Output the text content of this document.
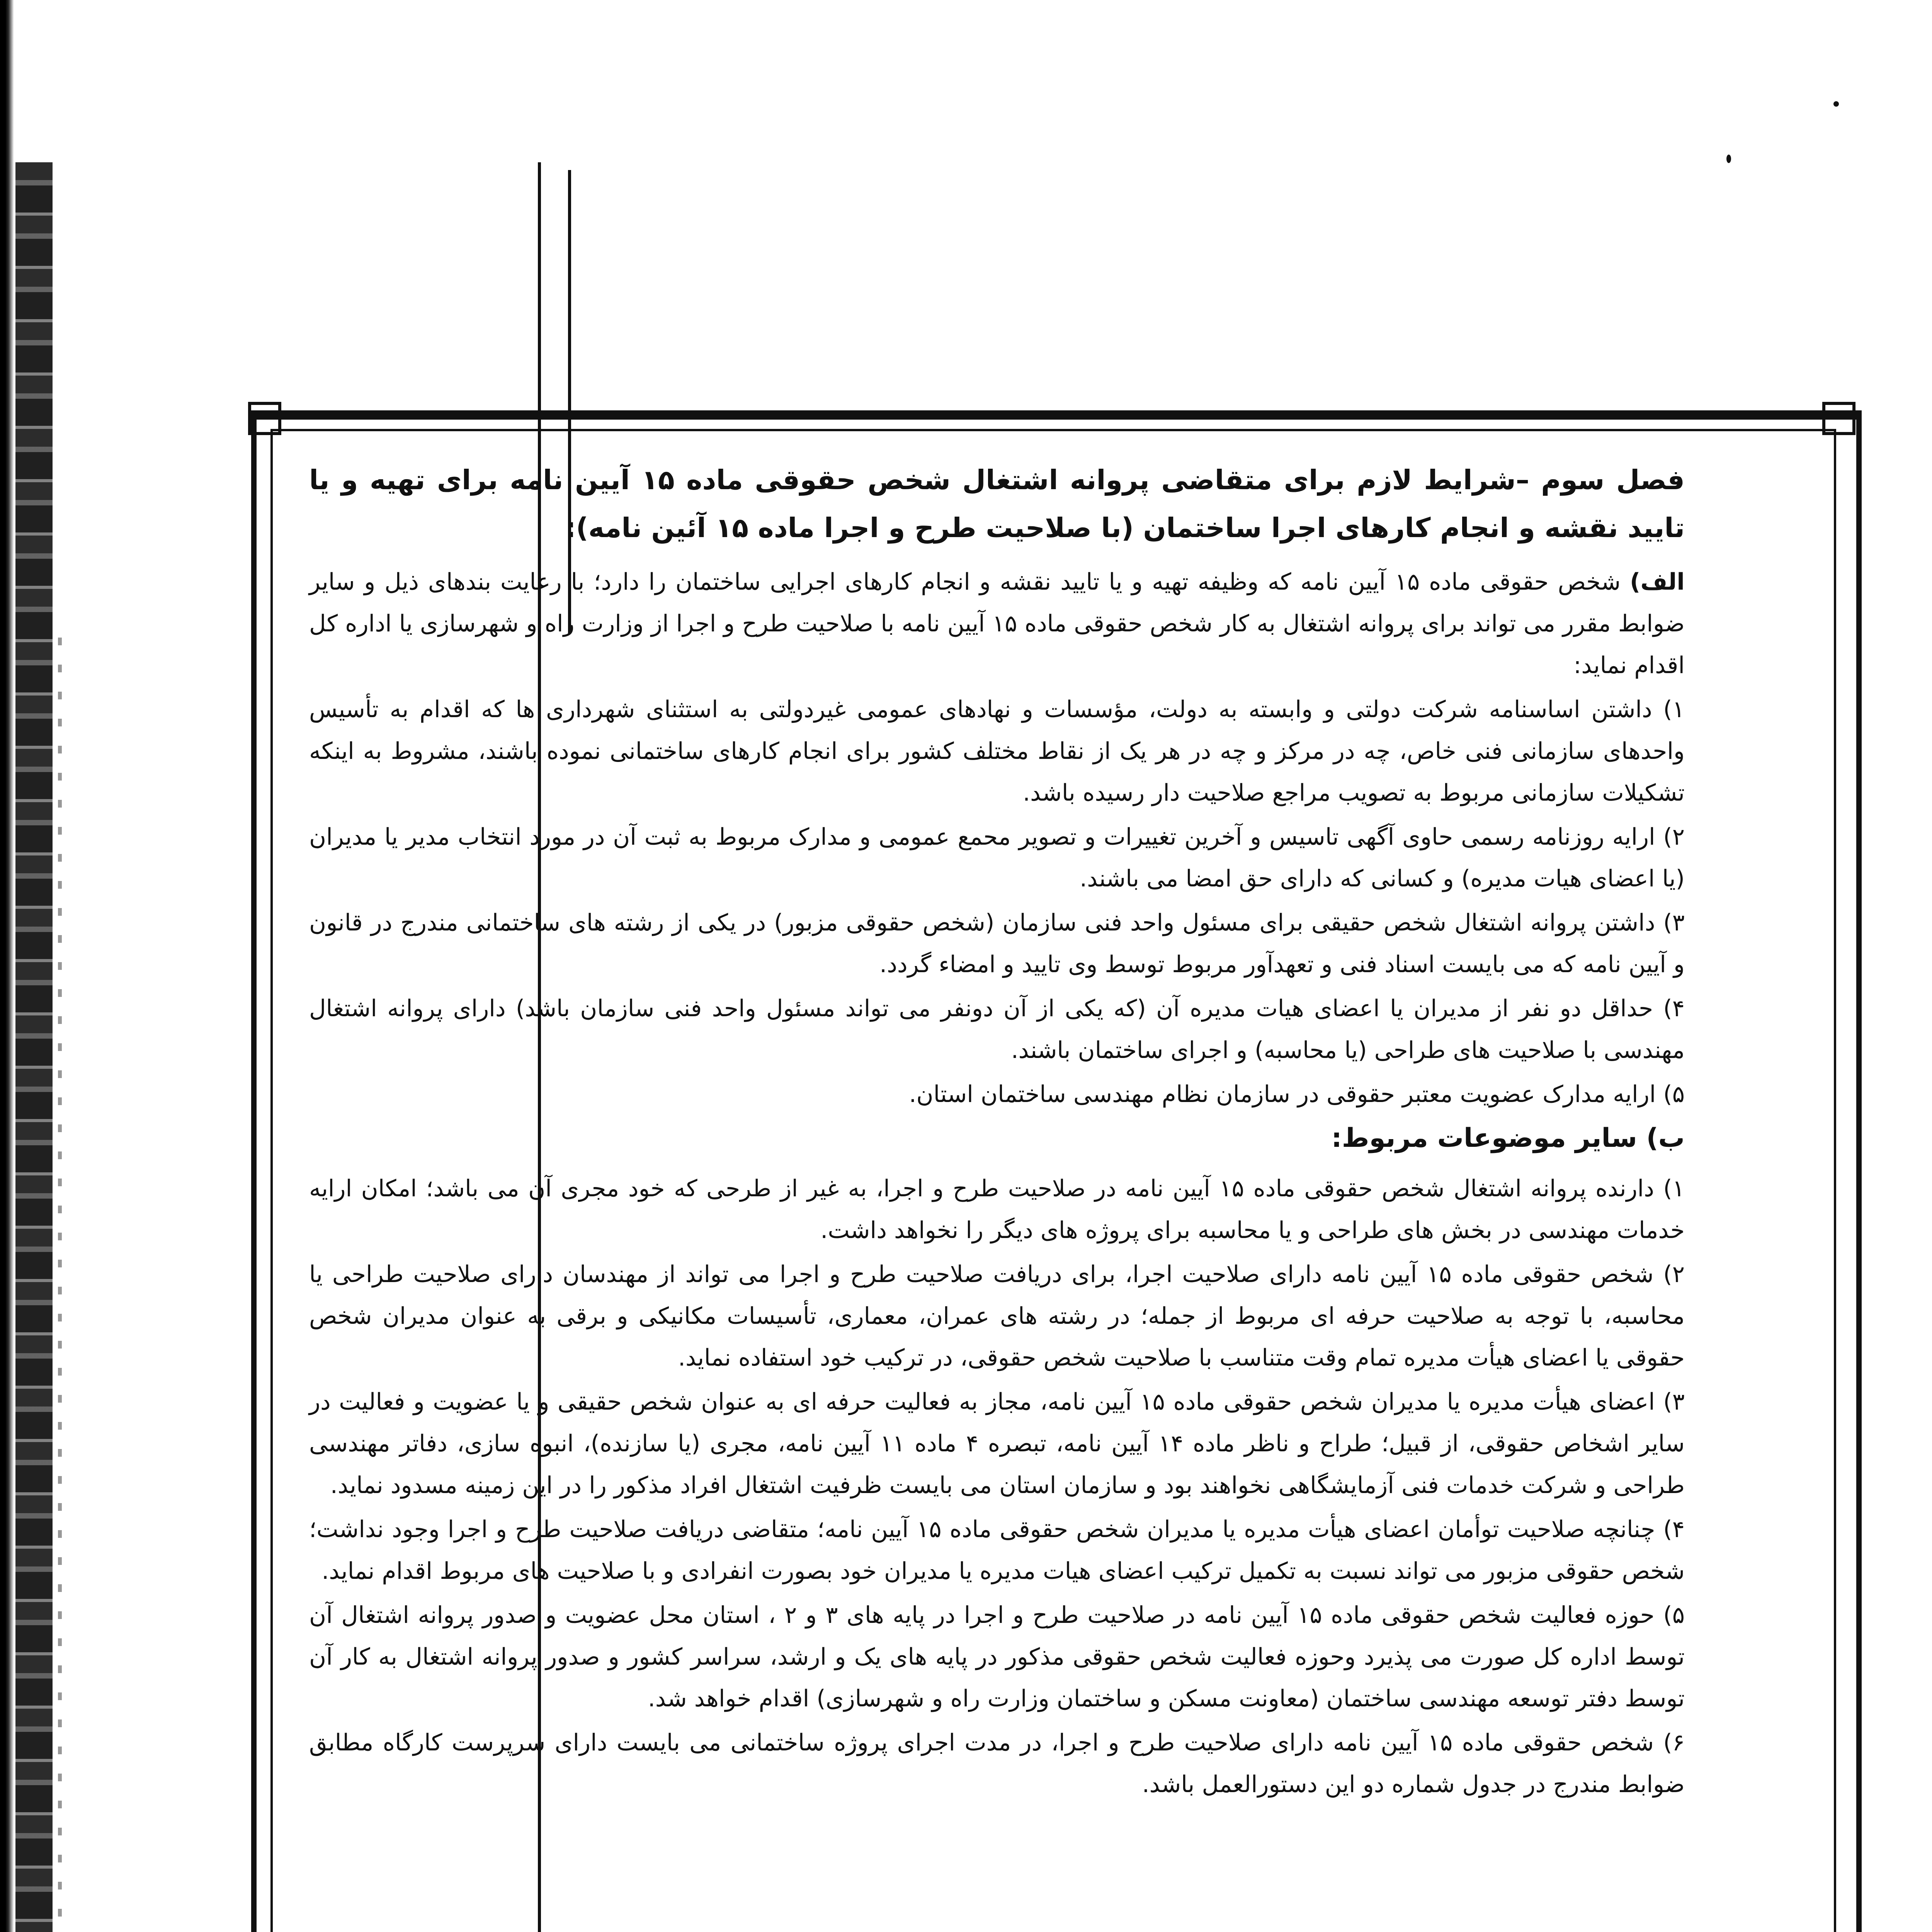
فصل سوم –شرایط لازم برای متقاضی پروانه اشتغال شخص حقوقی ماده ۱۵ آیین نامه برای تهیه و یا تایید نقشه و انجام کارهای اجرا ساختمان (با صلاحیت طرح و اجرا ماده ۱۵ آئین نامه):
الف) شخص حقوقی ماده ۱۵ آیین نامه که وظیفه تهیه و یا تایید نقشه و انجام کارهای اجرایی ساختمان را دارد؛ با رعایت بندهای ذیل و سایر ضوابط مقرر می تواند برای پروانه اشتغال به کار شخص حقوقی ماده ۱۵ آیین نامه با صلاحیت طرح و اجرا از وزارت راه و شهرسازی یا اداره کل اقدام نماید:
۱) داشتن اساسنامه شرکت دولتی و وابسته به دولت، مؤسسات و نهادهای عمومی غیردولتی به استثنای شهرداری ها که اقدام به تأسیس واحدهای سازمانی فنی خاص، چه در مرکز و چه در هر یک از نقاط مختلف کشور برای انجام کارهای ساختمانی نموده باشند، مشروط به اینکه تشکیلات سازمانی مربوط به تصویب مراجع صلاحیت دار رسیده باشد.
۲) ارایه روزنامه رسمی حاوی آگهی تاسیس و آخرین تغییرات و تصویر محمع عمومی و مدارک مربوط به ثبت آن در مورد انتخاب مدیر یا مدیران (یا اعضای هیات مدیره) و کسانی که دارای حق امضا می باشند.
۳) داشتن پروانه اشتغال شخص حقیقی برای مسئول واحد فنی سازمان (شخص حقوقی مزبور) در یکی از رشته های ساختمانی مندرج در قانون و آیین نامه که می بایست اسناد فنی و تعهدآور مربوط توسط وی تایید و امضاء گردد.
۴) حداقل دو نفر از مدیران یا اعضای هیات مدیره آن (که یکی از آن دونفر می تواند مسئول واحد فنی سازمان باشد) دارای پروانه اشتغال مهندسی با صلاحیت های طراحی (یا محاسبه) و اجرای ساختمان باشند.
۵) ارایه مدارک عضویت معتبر حقوقی در سازمان نظام مهندسی ساختمان استان.
ب) سایر موضوعات مربوط:
۱) دارنده پروانه اشتغال شخص حقوقی ماده ۱۵ آیین نامه در صلاحیت طرح و اجرا، به غیر از طرحی که خود مجری آن می باشد؛ امکان ارایه خدمات مهندسی در بخش های طراحی و یا محاسبه برای پروژه های دیگر را نخواهد داشت.
۲) شخص حقوقی ماده ۱۵ آیین نامه دارای صلاحیت اجرا، برای دریافت صلاحیت طرح و اجرا می تواند از مهندسان دارای صلاحیت طراحی یا محاسبه، با توجه به صلاحیت حرفه ای مربوط از جمله؛ در رشته های عمران، معماری، تأسیسات مکانیکی و برقی به عنوان مدیران شخص حقوقی یا اعضای هیأت مدیره تمام وقت متناسب با صلاحیت شخص حقوقی، در ترکیب خود استفاده نماید.
۳) اعضای هیأت مدیره یا مدیران شخص حقوقی ماده ۱۵ آیین نامه، مجاز به فعالیت حرفه ای به عنوان شخص حقیقی و یا عضویت و فعالیت در سایر اشخاص حقوقی، از قبیل؛ طراح و ناظر ماده ۱۴ آیین نامه، تبصره ۴ ماده ۱۱ آیین نامه، مجری (یا سازنده)، انبوه سازی، دفاتر مهندسی طراحی و شرکت خدمات فنی آزمایشگاهی نخواهند بود و سازمان استان می بایست ظرفیت اشتغال افراد مذکور را در این زمینه مسدود نماید.
۴) چنانچه صلاحیت توأمان اعضای هیأت مدیره یا مدیران شخص حقوقی ماده ۱۵ آیین نامه؛ متقاضی دریافت صلاحیت طرح و اجرا وجود نداشت؛ شخص حقوقی مزبور می تواند نسبت به تکمیل ترکیب اعضای هیات مدیره یا مدیران خود بصورت انفرادی و با صلاحیت های مربوط اقدام نماید.
۵) حوزه فعالیت شخص حقوقی ماده ۱۵ آیین نامه در صلاحیت طرح و اجرا در پایه های ۳ و ۲ ، استان محل عضویت و صدور پروانه اشتغال آن توسط اداره کل صورت می پذیرد وحوزه فعالیت شخص حقوقی مذکور در پایه های یک و ارشد، سراسر کشور و صدور پروانه اشتغال به کار آن توسط دفتر توسعه مهندسی ساختمان (معاونت مسکن و ساختمان وزارت راه و شهرسازی) اقدام خواهد شد.
۶) شخص حقوقی ماده ۱۵ آیین نامه دارای صلاحیت طرح و اجرا، در مدت اجرای پروژه ساختمانی می بایست دارای سرپرست کارگاه مطابق ضوابط مندرج در جدول شماره دو این دستورالعمل باشد.
